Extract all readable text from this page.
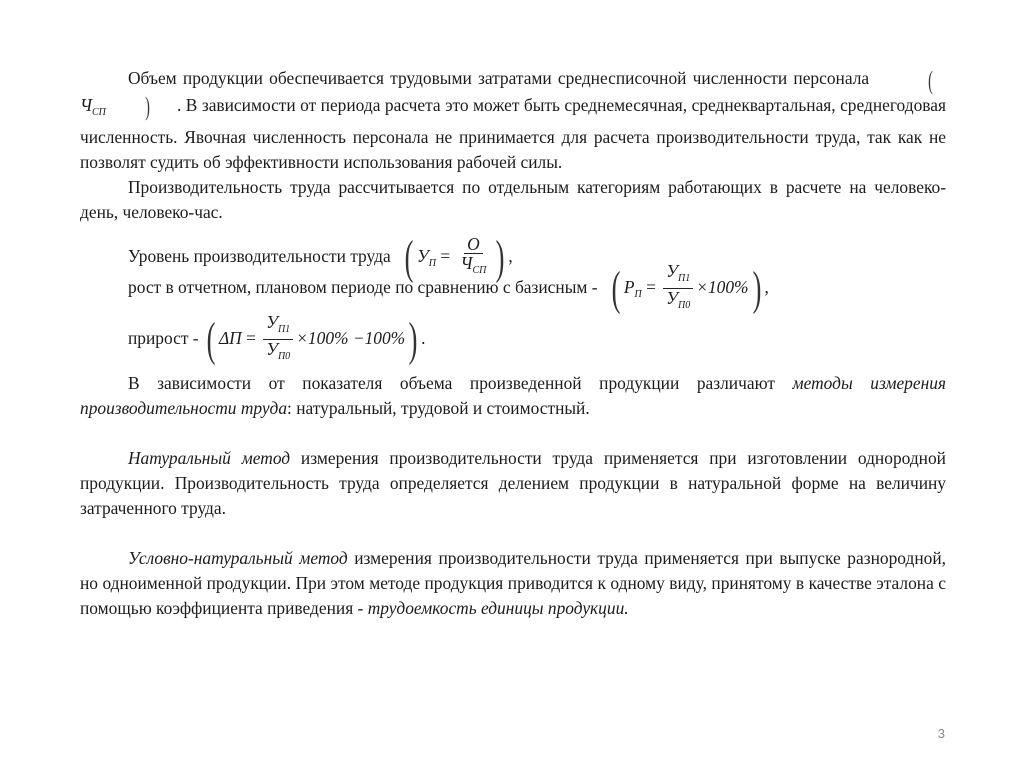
Объем продукции обеспечивается трудовыми затратами среднесписочной численности персонала ($Ч_{СП}$ ) . В зависимости от периода расчета это может быть среднемесячная, среднеквартальная, среднегодовая численность. Явочная численность персонала не принимается для расчета производительности труда, так как не позволят судить об эффективности использования рабочей силы.

Производительность труда рассчитывается по отдельным категориям работающих в расчете на человеко-день, человеко-час.

Уровень производительности труда ( $У_П = \frac{О}{Ч_{СП}}$ ) ,
рост в отчетном, плановом периоде по сравнению с базисным - ( $Р_П = \frac{У_{П1}}{У_{П0}} \times 100\%$) ,
прирост - ( $\Delta П = \frac{У_{П1}}{У_{П0}} \times 100\% -100\%$) .

В зависимости от показателя объема произведенной продукции различают методы измерения производительности труда: натуральный, трудовой и стоимостный.

Натуральный метод измерения производительности труда применяется при изготовлении однородной продукции. Производительность труда определяется делением продукции в натуральной форме на величину затраченного труда.

Условно-натуральный метод измерения производительности труда применяется при выпуске разнородной, но одноименной продукции. При этом методе продукция приводится к одному виду, принятому в качестве эталона с помощью коэффициента приведения - трудоемкость единицы продукции.

3
